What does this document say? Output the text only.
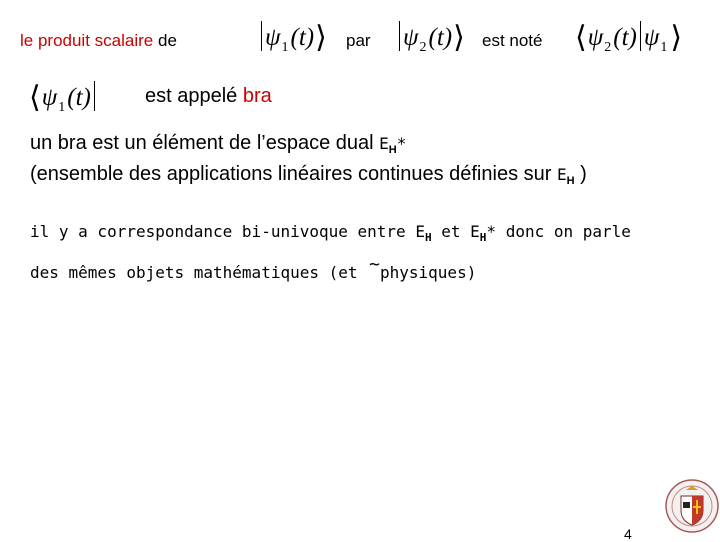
le produit scalaire de	$\psi_1(t)⟩$ par $\psi_2(t)⟩$ est noté $⟨\psi_2(t)$ $\psi_1$ ⟩
$⟨\psi_1(t)$	est appelé bra
un bra est un élément de l’espace dual $E_H*$
(ensemble des applications linéaires continues définies sur $E_H$ )
il y a correspondance bi-univoque entre $E_H$ et $E_H*$ donc on parle
des mêmes objets mathématiques (et ~physiques)
4
